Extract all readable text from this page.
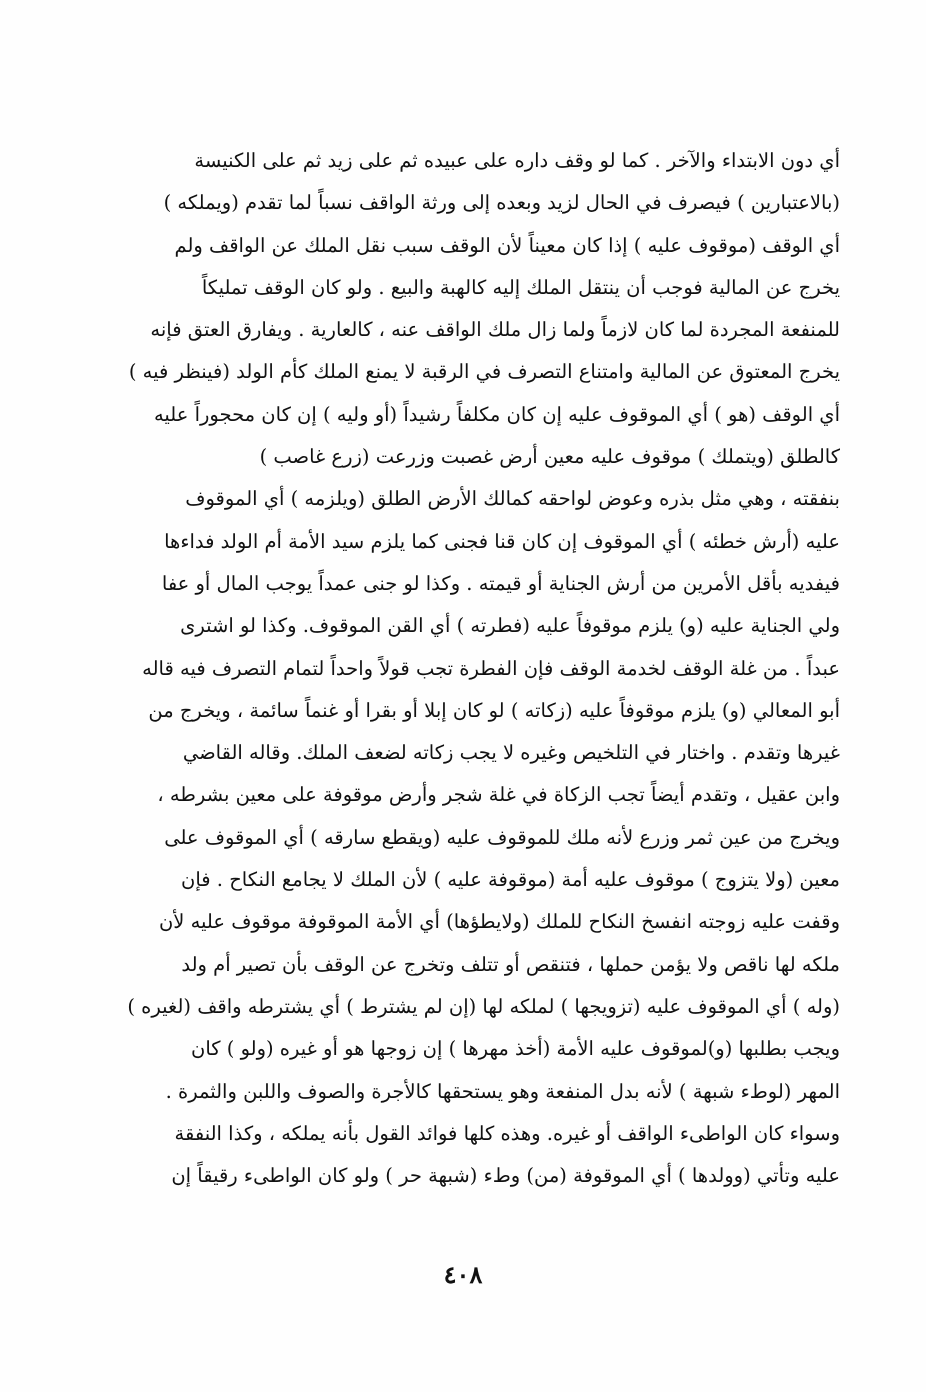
أي دون الابتداء والآخر . كما لو وقف داره على عبيده ثم على زيد ثم على الكنيسة
(بالاعتبارين ) فيصرف في الحال لزيد وبعده إلى ورثة الواقف نسباً لما تقدم (ويملكه )
أي الوقف (موقوف عليه ) إذا كان معيناً لأن الوقف سبب نقل الملك عن الواقف ولم
يخرج عن المالية فوجب أن ينتقل الملك إليه كالهبة والبيع . ولو كان الوقف تمليكاً
للمنفعة المجردة لما كان لازماً ولما زال ملك الواقف عنه ، كالعارية . ويفارق العتق فإنه
يخرج المعتوق عن المالية وامتناع التصرف في الرقبة لا يمنع الملك كأم الولد (فينظر فيه )
أي الوقف (هو ) أي الموقوف عليه إن كان مكلفاً رشيداً (أو وليه ) إن كان محجوراً عليه
كالطلق (ويتملك ) موقوف عليه معين أرض غصبت وزرعت (زرع غاصب )
بنفقته ، وهي مثل بذره وعوض لواحقه كمالك الأرض الطلق (ويلزمه ) أي الموقوف
عليه (أرش خطئه ) أي الموقوف إن كان قنا فجنى كما يلزم سيد الأمة أم الولد فداءها
فيفديه بأقل الأمرين من أرش الجناية أو قيمته . وكذا لو جنى عمداً يوجب المال أو عفا
ولي الجناية عليه (و) يلزم موقوفاً عليه (فطرته ) أي القن الموقوف. وكذا لو اشترى
عبداً . من غلة الوقف لخدمة الوقف فإن الفطرة تجب قولاً واحداً لتمام التصرف فيه قاله
أبو المعالي (و) يلزم موقوفاً عليه (زكاته ) لو كان إبلا أو بقرا أو غنماً سائمة ، ويخرج من
غيرها وتقدم . واختار في التلخيص وغيره لا يجب زكاته لضعف الملك. وقاله القاضي
وابن عقيل ، وتقدم أيضاً تجب الزكاة في غلة شجر وأرض موقوفة على معين بشرطه ،
ويخرج من عين ثمر وزرع لأنه ملك للموقوف عليه (ويقطع سارقه ) أي الموقوف على
معين (ولا يتزوج ) موقوف عليه أمة (موقوفة عليه ) لأن الملك لا يجامع النكاح . فإن
وقفت عليه زوجته انفسخ النكاح للملك (ولايطؤها) أي الأمة الموقوفة موقوف عليه لأن
ملكه لها ناقص ولا يؤمن حملها ، فتنقص أو تتلف وتخرج عن الوقف بأن تصير أم ولد
(وله ) أي الموقوف عليه (تزويجها ) لملكه لها (إن لم يشترط ) أي يشترطه واقف (لغيره )
ويجب بطلبها (و)لموقوف عليه الأمة (أخذ مهرها ) إن زوجها هو أو غيره (ولو ) كان
المهر (لوطء شبهة ) لأنه بدل المنفعة وهو يستحقها كالأجرة والصوف واللبن والثمرة .
وسواء كان الواطىء الواقف أو غيره. وهذه كلها فوائد القول بأنه يملكه ، وكذا النفقة
عليه وتأتي (وولدها ) أي الموقوفة (من) وطء (شبهة حر ) ولو كان الواطىء رقيقاً إن
٤٠٨
